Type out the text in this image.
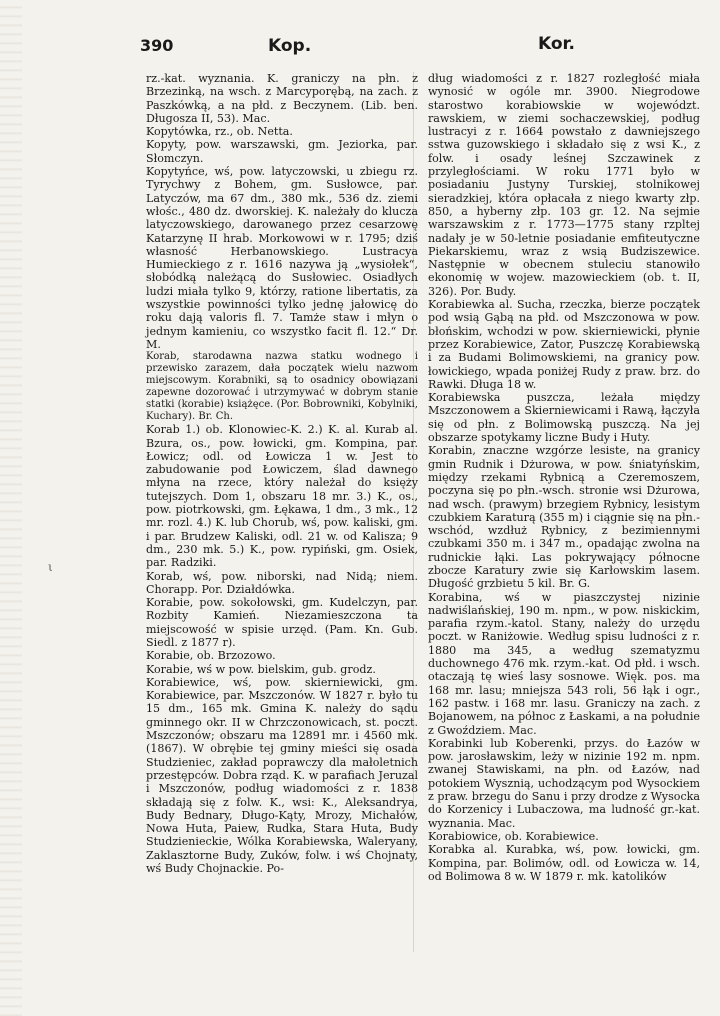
390	Kop.	Kor.
ι

rz.-kat. wyznania. K. graniczy na płn. z Brzezinką, na wsch. z Marcyporębą, na zach. z Paszkówką, a na płd. z Beczynem. (Lib. ben. Długosza II, 53). Mac.

Kopytówka, rz., ob. Netta.

Kopyty, pow. warszawski, gm. Jeziorka, par. Słomczyn.

Kopytyńce, wś, pow. latyczowski, u zbiegu rz. Tyrychwy z Bohem, gm. Susłowce, par. Latyczów, ma 67 dm., 380 mk., 536 dz. ziemi włośc., 480 dz. dworskiej. K. należały do klucza latyczowskiego, darowanego przez cesarzowę Katarzynę II hrab. Morkowowi w r. 1795; dziś własność Herbanowskiego. Lustracya Humieckiego z r. 1616 nazywa ją „wysiołek“, słobódką należącą do Susłowiec. Osiadłych ludzi miała tylko 9, którzy, ratione libertatis, za wszystkie powinności tylko jednę jałowicę do roku dają valoris fl. 7. Tamże staw i młyn o jednym kamieniu, co wszystko facit fl. 12.“ Dr. M.

Korab, starodawna nazwa statku wodnego i przewisko zarazem, dała początek wielu nazwom miejscowym. Korabniki, są to osadnicy obowiązani zapewne dozorować i utrzymywać w dobrym stanie statki (korabie) książęce. (Por. Bobrowniki, Kobylniki, Kuchary). Br. Ch.

Korab 1.) ob. Klonowiec-K. 2.) K. al. Kurab al. Bzura, os., pow. łowicki, gm. Kompina, par. Łowicz; odl. od Łowicza 1 w. Jest to zabudowanie pod Łowiczem, ślad dawnego młyna na rzece, który należał do księży tutejszych. Dom 1, obszaru 18 mr. 3.) K., os., pow. piotrkowski, gm. Łękawa, 1 dm., 3 mk., 12 mr. rozl. 4.) K. lub Chorub, wś, pow. kaliski, gm. i par. Brudzew Kaliski, odl. 21 w. od Kalisza; 9 dm., 230 mk. 5.) K., pow. rypiński, gm. Osiek, par. Radziki.

Korab, wś, pow. niborski, nad Nidą; niem. Chorapp. Por. Działdówka.

Korabie, pow. sokołowski, gm. Kudelczyn, par. Rozbity Kamień. Niezamieszczona ta miejscowość w spisie urzęd. (Pam. Kn. Gub. Siedl. z 1877 r).

Korabie, ob. Brzozowo.

Korabie, wś w pow. bielskim, gub. grodz.

Korabiewice, wś, pow. skierniewicki, gm. Korabiewice, par. Mszczonów. W 1827 r. było tu 15 dm., 165 mk. Gmina K. należy do sądu gminnego okr. II w Chrzczonowicach, st. poczt. Mszczonów; obszaru ma 12891 mr. i 4560 mk. (1867). W obrębie tej gminy mieści się osada Studzieniec, zakład poprawczy dla małoletnich przestępców. Dobra rząd. K. w parafiach Jeruzal i Mszczonów, podług wiadomości z r. 1838 składają się z folw. K., wsi: K., Aleksandrya, Budy Bednary, Długo-Kąty, Mrozy, Michałów, Nowa Huta, Paiew, Rudka, Stara Huta, Budy Studzienieckie, Wólka Korabiewska, Waleryany, Zaklasztorne Budy, Zuków, folw. i wś Chojnaty, wś Budy Chojnackie. Po-

dług wiadomości z r. 1827 rozległość miała wynosić w ogóle mr. 3900. Niegrodowe starostwo korabiowskie w województ. rawskiem, w ziemi sochaczewskiej, podług lustracyi z r. 1664 powstało z dawniejszego sstwa guzowskiego i składało się z wsi K., z folw. i osady leśnej Szczawinek z przyległościami. W roku 1771 było w posiadaniu Justyny Turskiej, stolnikowej sieradzkiej, która opłacała z niego kwarty złp. 850, a hyberny złp. 103 gr. 12. Na sejmie warszawskim z r. 1773—1775 stany rzpltej nadały je w 50-letnie posiadanie emfiteutyczne Piekarskiemu, wraz z wsią Budziszewice. Następnie w obecnem stuleciu stanowiło ekonomię w wojew. mazowieckiem (ob. t. II, 326). Por. Budy.

Korabiewka al. Sucha, rzeczka, bierze początek pod wsią Gąbą na płd. od Mszczonowa w pow. błońskim, wchodzi w pow. skierniewicki, płynie przez Korabiewice, Zator, Puszczę Korabiewską i za Budami Bolimowskiemi, na granicy pow. łowickiego, wpada poniżej Rudy z praw. brz. do Rawki. Długa 18 w.

Korabiewska puszcza, leżała między Mszczonowem a Skierniewicami i Rawą, łączyła się od płn. z Bolimowską puszczą. Na jej obszarze spotykamy liczne Budy i Huty.

Korabin, znaczne wzgórze lesiste, na granicy gmin Rudnik i Dżurowa, w pow. śniatyńskim, między rzekami Rybnicą a Czeremoszem, poczyna się po płn.-wsch. stronie wsi Dżurowa, nad wsch. (prawym) brzegiem Rybnicy, lesistym czubkiem Karaturą (355 m) i ciągnie się na płn.-wschód, wzdłuż Rybnicy, z bezimiennymi czubkami 350 m. i 347 m., opadając zwolna na rudnickie łąki. Las pokrywający północne zbocze Karatury zwie się Karłowskim lasem. Długość grzbietu 5 kil. Br. G.

Korabina, wś w piaszczystej nizinie nadwiślańskiej, 190 m. npm., w pow. niskickim, parafia rzym.-katol. Stany, należy do urzędu poczt. w Raniżowie. Według spisu ludności z r. 1880 ma 345, a według szematyzmu duchownego 476 mk. rzym.-kat. Od płd. i wsch. otaczają tę wieś lasy sosnowe. Więk. pos. ma 168 mr. lasu; mniejsza 543 roli, 56 łąk i ogr., 162 pastw. i 168 mr. lasu. Graniczy na zach. z Bojanowem, na północ z Łaskami, a na południe z Gwoździem. Mac.

Korabinki lub Koberenki, przys. do Łazów w pow. jarosławskim, leży w nizinie 192 m. npm. zwanej Stawiskami, na płn. od Łazów, nad potokiem Wysznią, uchodzącym pod Wysockiem z praw. brzegu do Sanu i przy drodze z Wysocka do Korzenicy i Lubaczowa, ma ludność gr.-kat. wyznania. Mac.

Korabiowice, ob. Korabiewice.

Korabka al. Kurabka, wś, pow. łowicki, gm. Kompina, par. Bolimów, odl. od Łowicza w. 14, od Bolimowa 8 w. W 1879 r. mk. katolików
